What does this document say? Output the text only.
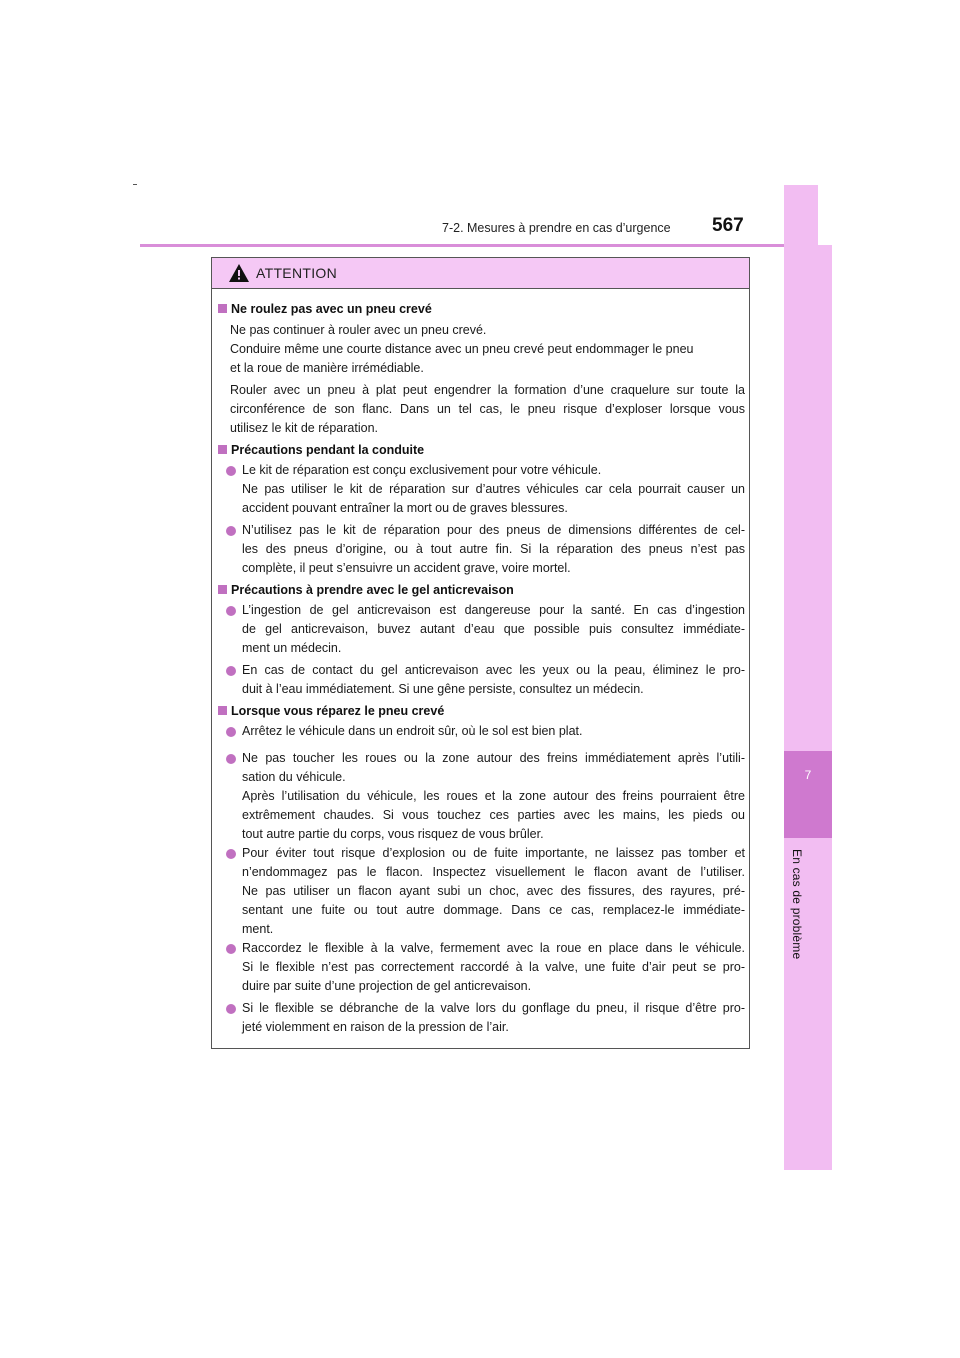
7-2. Mesures à prendre en cas d’urgence 567
7
En cas de problème
ATTENTION
Ne roulez pas avec un pneu crevé
Ne pas continuer à rouler avec un pneu crevé.
Conduire même une courte distance avec un pneu crevé peut endommager le pneu
et la roue de manière irrémédiable.
Rouler avec un pneu à plat peut engendrer la formation d’une craquelure sur toute la
circonférence de son flanc. Dans un tel cas, le pneu risque d’exploser lorsque vous
utilisez le kit de réparation.
Précautions pendant la conduite
Le kit de réparation est conçu exclusivement pour votre véhicule.
Ne pas utiliser le kit de réparation sur d’autres véhicules car cela pourrait causer un
accident pouvant entraîner la mort ou de graves blessures.
N’utilisez pas le kit de réparation pour des pneus de dimensions différentes de cel-
les des pneus d’origine, ou à tout autre fin. Si la réparation des pneus n’est pas
complète, il peut s’ensuivre un accident grave, voire mortel.
Précautions à prendre avec le gel anticrevaison
L’ingestion de gel anticrevaison est dangereuse pour la santé. En cas d’ingestion
de gel anticrevaison, buvez autant d’eau que possible puis consultez immédiate-
ment un médecin.
En cas de contact du gel anticrevaison avec les yeux ou la peau, éliminez le pro-
duit à l’eau immédiatement. Si une gêne persiste, consultez un médecin.
Lorsque vous réparez le pneu crevé
Arrêtez le véhicule dans un endroit sûr, où le sol est bien plat.
Ne pas toucher les roues ou la zone autour des freins immédiatement après l’utili-
sation du véhicule.
Après l’utilisation du véhicule, les roues et la zone autour des freins pourraient être
extrêmement chaudes. Si vous touchez ces parties avec les mains, les pieds ou
tout autre partie du corps, vous risquez de vous brûler.
Pour éviter tout risque d’explosion ou de fuite importante, ne laissez pas tomber et
n’endommagez pas le flacon. Inspectez visuellement le flacon avant de l’utiliser.
Ne pas utiliser un flacon ayant subi un choc, avec des fissures, des rayures, pré-
sentant une fuite ou tout autre dommage. Dans ce cas, remplacez-le immédiate-
ment.
Raccordez le flexible à la valve, fermement avec la roue en place dans le véhicule.
Si le flexible n’est pas correctement raccordé à la valve, une fuite d’air peut se pro-
duire par suite d’une projection de gel anticrevaison.
Si le flexible se débranche de la valve lors du gonflage du pneu, il risque d’être pro-
jeté violemment en raison de la pression de l’air.
